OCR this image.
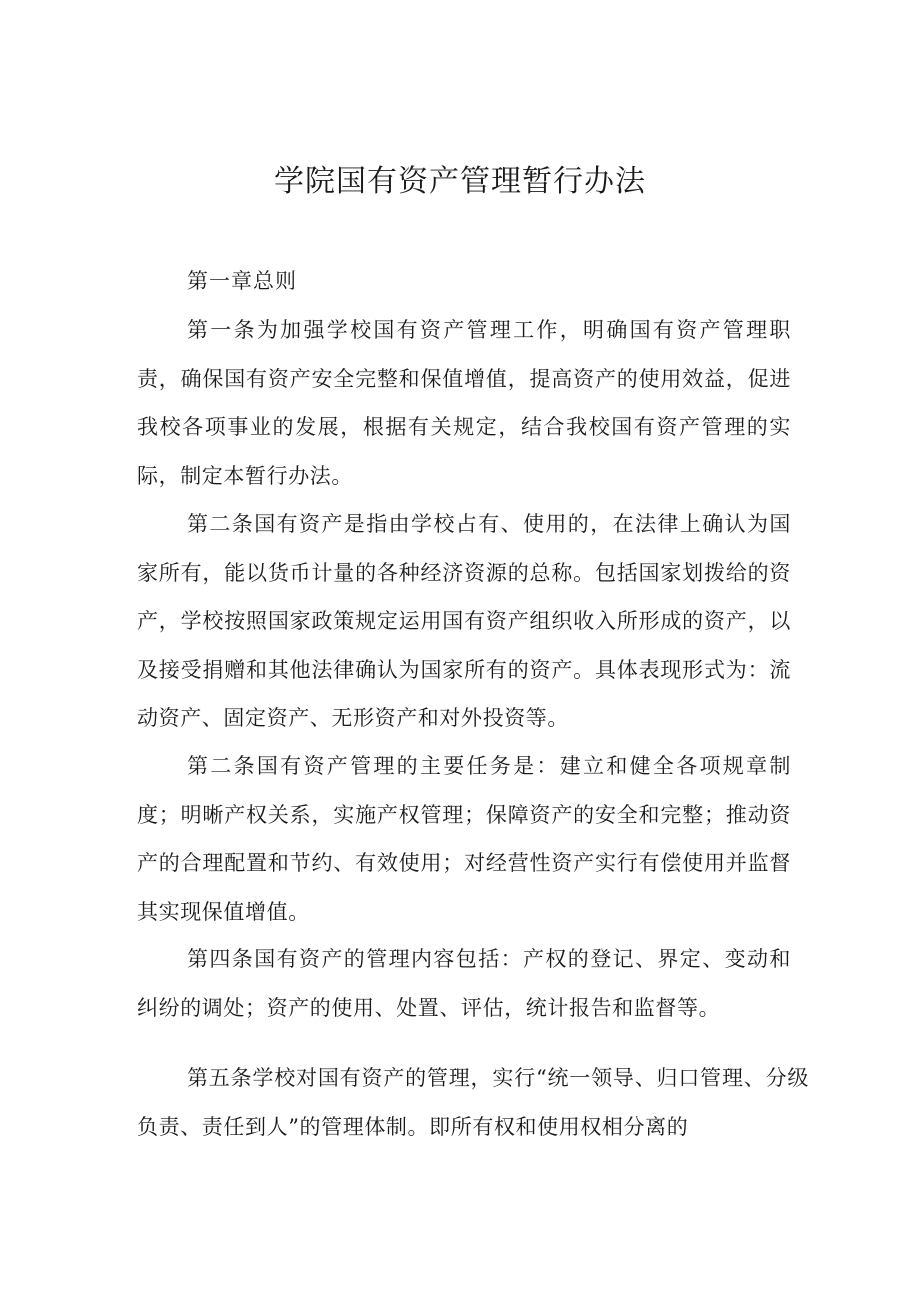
学院国有资产管理暂行办法

第一章总则

第一条为加强学校国有资产管理工作，明确国有资产管理职责，确保国有资产安全完整和保值增值，提高资产的使用效益，促进我校各项事业的发展，根据有关规定，结合我校国有资产管理的实际，制定本暂行办法。

第二条国有资产是指由学校占有、使用的，在法律上确认为国家所有，能以货币计量的各种经济资源的总称。包括国家划拨给的资产，学校按照国家政策规定运用国有资产组织收入所形成的资产，以及接受捐赠和其他法律确认为国家所有的资产。具体表现形式为：流动资产、固定资产、无形资产和对外投资等。

第二条国有资产管理的主要任务是：建立和健全各项规章制度；明晰产权关系，实施产权管理；保障资产的安全和完整；推动资产的合理配置和节约、有效使用；对经营性资产实行有偿使用并监督其实现保值增值。

第四条国有资产的管理内容包括：产权的登记、界定、变动和纠纷的调处；资产的使用、处置、评估，统计报告和监督等。

第五条学校对国有资产的管理，实行“统一领导、归口管理、分级负责、责任到人”的管理体制。即所有权和使用权相分离的
